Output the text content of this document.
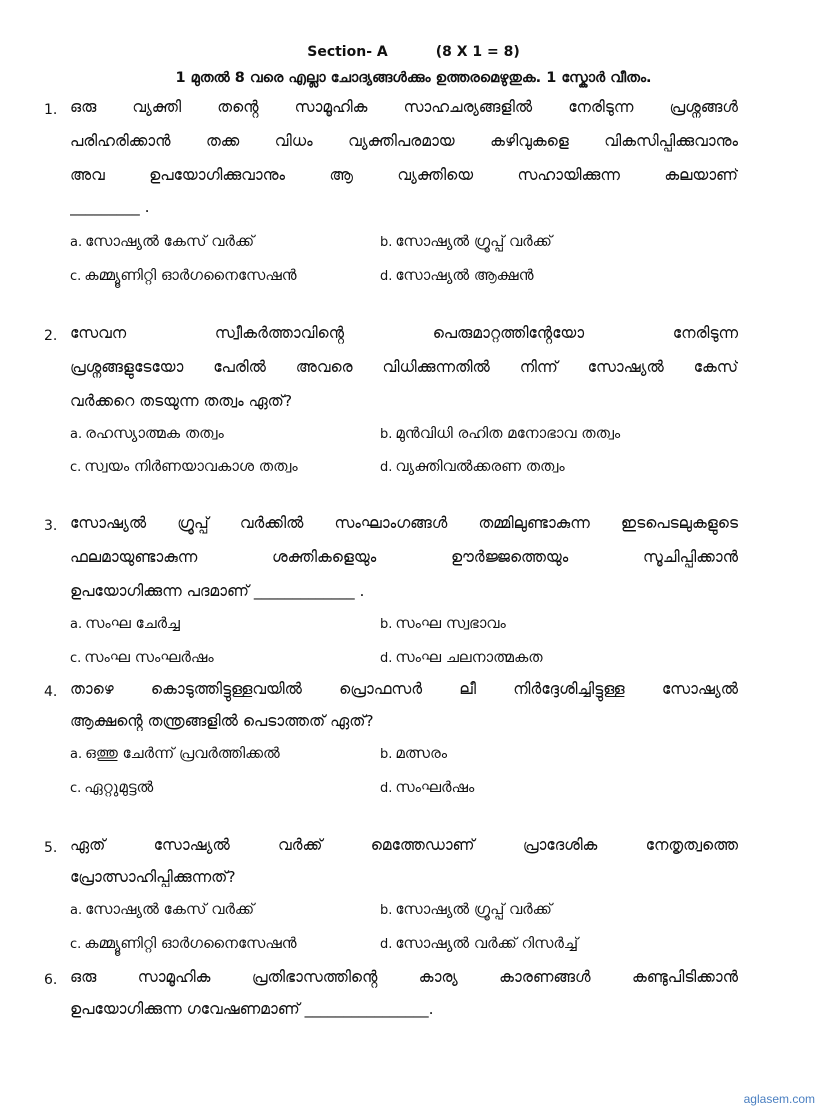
Section- A	(8 X 1 = 8)
1 മുതൽ 8 വരെ എല്ലാ ചോദ്യങ്ങൾക്കും ഉത്തരമെഴുതുക. 1 സ്കോർ വീതം.
1. ഒരു വ്യക്തി തൻ്റെ സാമൂഹിക സാഹചര്യങ്ങളിൽ നേരിടുന്ന പ്രശ്നങ്ങൾ
പരിഹരിക്കാൻ തക്ക വിധം വ്യക്തിപരമായ കഴിവുകളെ വികസിപ്പിക്കുവാനും
അവ ഉപയോഗിക്കുവാനും ആ വ്യക്തിയെ സഹായിക്കുന്ന കലയാണ്
_________ .
a. സോഷ്യൽ കേസ് വർക്ക്	b. സോഷ്യൽ ഗ്രൂപ്പ് വർക്ക്
c. കമ്മ്യൂണിറ്റി ഓർഗനൈസേഷൻ	d. സോഷ്യൽ ആക്ഷൻ
2. സേവന സ്വീകർത്താവിൻ്റെ പെരുമാറ്റത്തിൻ്റേയോ നേരിടുന്ന
പ്രശ്നങ്ങളുടേയോ പേരിൽ അവരെ വിധിക്കുന്നതിൽ നിന്ന് സോഷ്യൽ കേസ്
വർക്കറെ തടയുന്ന തത്വം ഏത്?
a. രഹസ്യാത്മക തത്വം	b. മുൻവിധി രഹിത മനോഭാവ തത്വം
c. സ്വയം നിർണയാവകാശ തത്വം	d. വ്യക്തിവൽക്കരണ തത്വം
3. സോഷ്യൽ ഗ്രൂപ്പ് വർക്കിൽ സംഘാംഗങ്ങൾ തമ്മിലുണ്ടാകുന്ന ഇടപെടലുകളുടെ
ഫലമായുണ്ടാകുന്ന ശക്തികളെയും ഊർജ്ജത്തെയും സൂചിപ്പിക്കാൻ
ഉപയോഗിക്കുന്ന പദമാണ് _____________ .
a. സംഘ ചേർച്ച	b. സംഘ സ്വഭാവം
c. സംഘ സംഘർഷം	d. സംഘ ചലനാത്മകത
4. താഴെ കൊടുത്തിട്ടുള്ളവയിൽ പ്രൊഫസർ ലീ നിർദ്ദേശിച്ചിട്ടുള്ള സോഷ്യൽ
ആക്ഷൻ്റെ തന്ത്രങ്ങളിൽ പെടാത്തത് ഏത്?
a. ഒത്തു ചേർന്ന് പ്രവർത്തിക്കൽ	b. മത്സരം
c. ഏറ്റുമുട്ടൽ	d. സംഘർഷം
5. ഏത് സോഷ്യൽ വർക്ക് മെത്തേഡാണ് പ്രാദേശിക നേതൃത്വത്തെ
പ്രോത്സാഹിപ്പിക്കുന്നത്?
a. സോഷ്യൽ കേസ് വർക്ക്	b. സോഷ്യൽ ഗ്രൂപ്പ് വർക്ക്
c. കമ്മ്യൂണിറ്റി ഓർഗനൈസേഷൻ	d. സോഷ്യൽ വർക്ക് റിസർച്ച്
6. ഒരു സാമൂഹിക പ്രതിഭാസത്തിൻ്റെ കാര്യ കാരണങ്ങൾ കണ്ടുപിടിക്കാൻ
ഉപയോഗിക്കുന്ന ഗവേഷണമാണ് ________________.
aglasem.com
